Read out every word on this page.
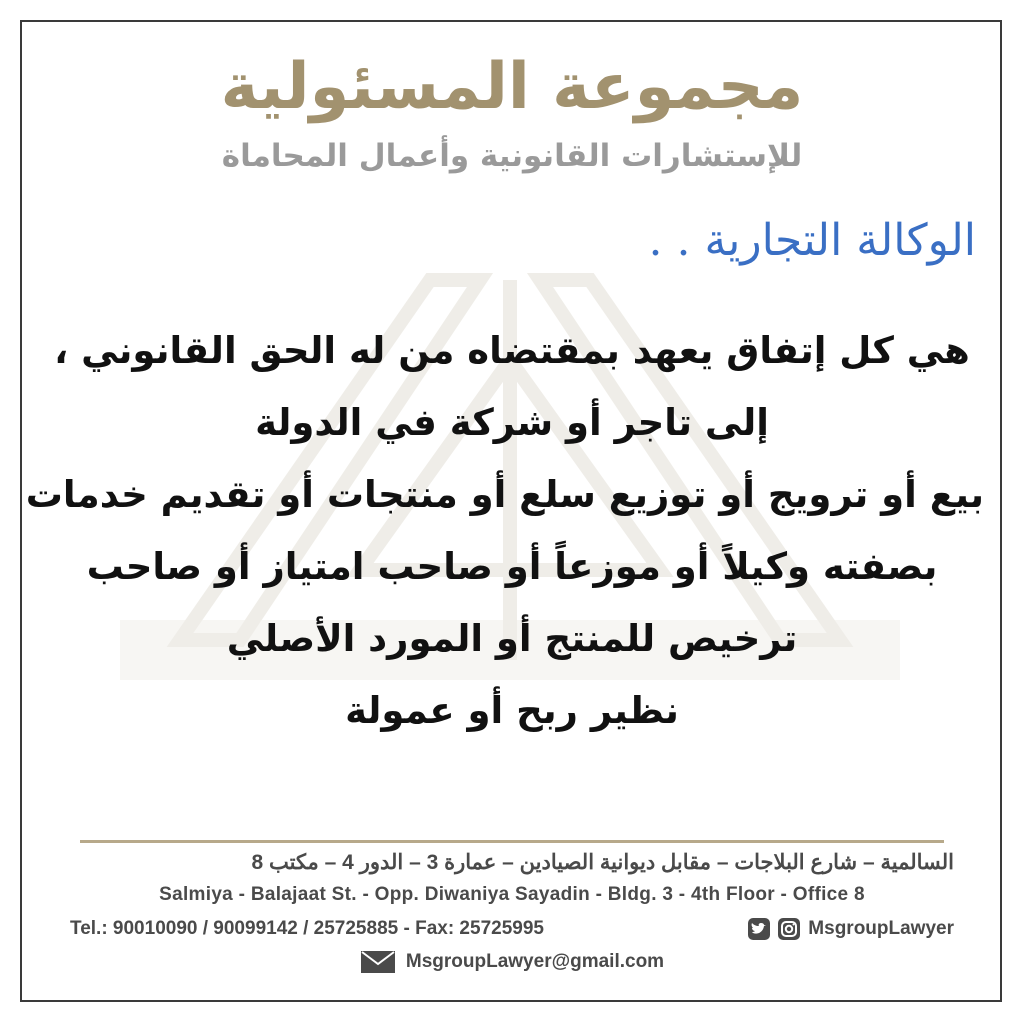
مجموعة المسئولية
للإستشارات القانونية وأعمال المحاماة
الوكالة التجارية . .
هي كل إتفاق يعهد بمقتضاه من له الحق القانوني ،
إلى تاجر أو شركة في الدولة
بيع أو ترويج أو توزيع سلع أو منتجات أو تقديم خدمات
بصفته وكيلاً أو موزعاً أو صاحب امتياز أو صاحب
ترخيص للمنتج أو المورد الأصلي
نظير ربح أو عمولة
السالمية – شارع البلاجات – مقابل ديوانية الصيادين – عمارة 3 – الدور 4 – مكتب 8
Salmiya - Balajaat St. - Opp. Diwaniya Sayadin - Bldg. 3 - 4th Floor - Office 8
Tel.: 90010090 / 90099142 / 25725885 - Fax: 25725995	MsgroupLawyer
MsgroupLawyer@gmail.com
